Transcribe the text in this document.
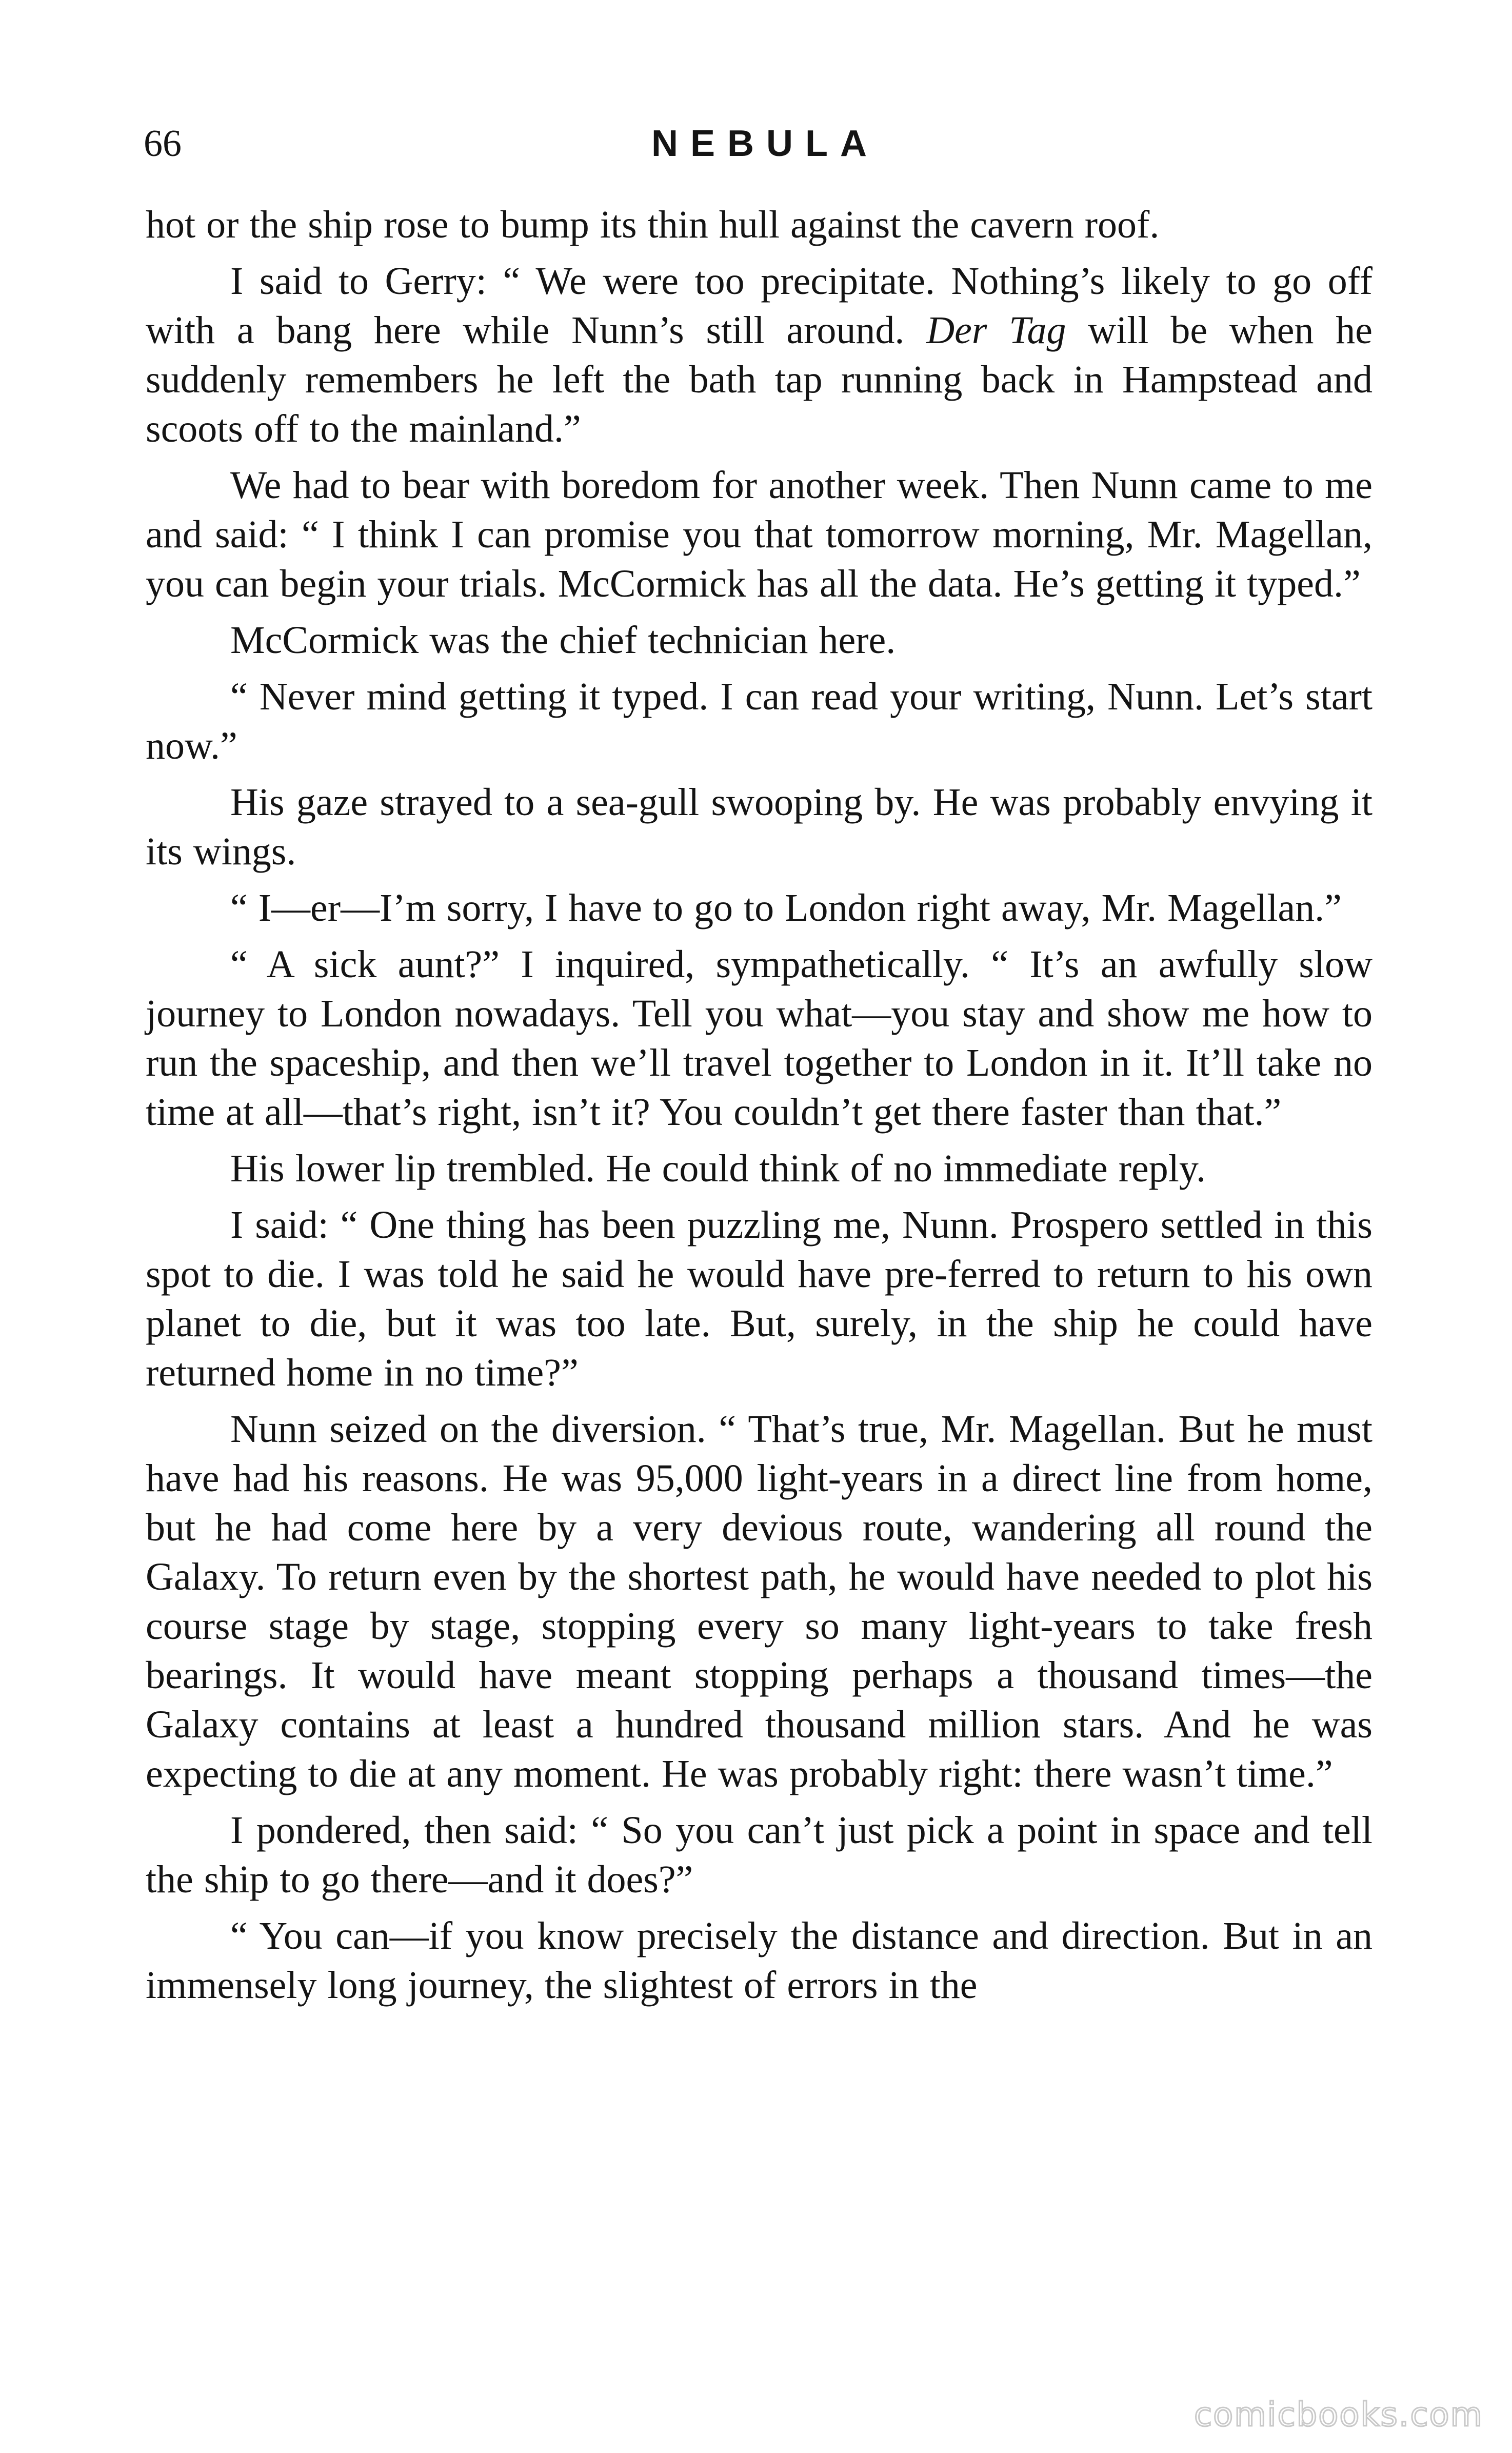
66	NEBULA

hot or the ship rose to bump its thin hull against the cavern roof.

I said to Gerry: “ We were too precipitate. Nothing’s likely to go off with a bang here while Nunn’s still around. Der Tag will be when he suddenly remembers he left the bath tap running back in Hampstead and scoots off to the mainland.”

We had to bear with boredom for another week. Then Nunn came to me and said: “ I think I can promise you that tomorrow morning, Mr. Magellan, you can begin your trials. McCormick has all the data. He’s getting it typed.”

McCormick was the chief technician here.

“ Never mind getting it typed. I can read your writing, Nunn. Let’s start now.”

His gaze strayed to a sea-gull swooping by. He was probably envying it its wings.

“ I—er—I’m sorry, I have to go to London right away, Mr. Magellan.”

“ A sick aunt?” I inquired, sympathetically. “ It’s an awfully slow journey to London nowadays. Tell you what—you stay and show me how to run the spaceship, and then we’ll travel together to London in it. It’ll take no time at all—that’s right, isn’t it? You couldn’t get there faster than that.”

His lower lip trembled. He could think of no immediate reply.

I said: “ One thing has been puzzling me, Nunn. Prospero settled in this spot to die. I was told he said he would have pre-ferred to return to his own planet to die, but it was too late. But, surely, in the ship he could have returned home in no time?”

Nunn seized on the diversion. “ That’s true, Mr. Magellan. But he must have had his reasons. He was 95,000 light-years in a direct line from home, but he had come here by a very devious route, wandering all round the Galaxy. To return even by the shortest path, he would have needed to plot his course stage by stage, stopping every so many light-years to take fresh bearings. It would have meant stopping perhaps a thousand times—the Galaxy contains at least a hundred thousand million stars. And he was expecting to die at any moment. He was probably right: there wasn’t time.”

I pondered, then said: “ So you can’t just pick a point in space and tell the ship to go there—and it does?”

“ You can—if you know precisely the distance and direction. But in an immensely long journey, the slightest of errors in the

comicbooks.com
